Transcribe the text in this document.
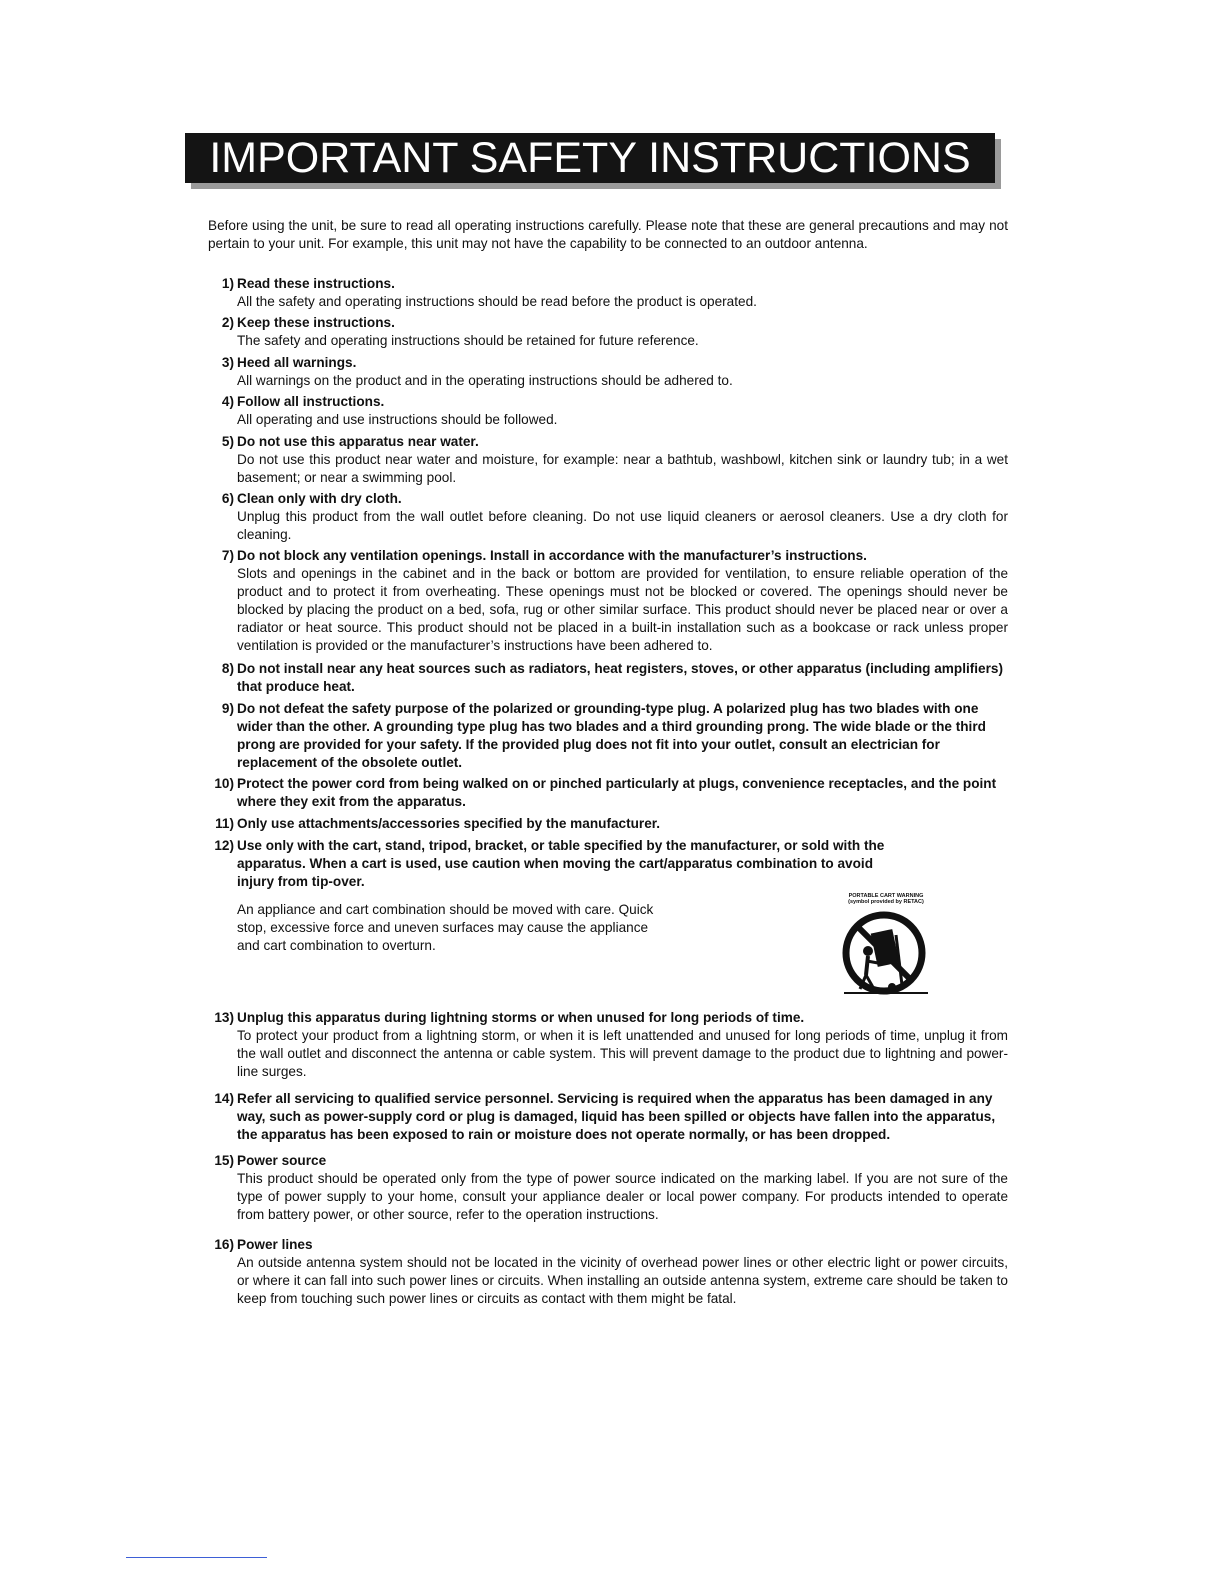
IMPORTANT SAFETY INSTRUCTIONS
Before using the unit, be sure to read all operating instructions carefully. Please note that these are general precautions and may not pertain to your unit. For example, this unit may not have the capability to be connected to an outdoor antenna.
1) Read these instructions.
All the safety and operating instructions should be read before the product is operated.
2) Keep these instructions.
The safety and operating instructions should be retained for future reference.
3) Heed all warnings.
All warnings on the product and in the operating instructions should be adhered to.
4) Follow all instructions.
All operating and use instructions should be followed.
5) Do not use this apparatus near water.
Do not use this product near water and moisture, for example: near a bathtub, washbowl, kitchen sink or laundry tub; in a wet basement; or near a swimming pool.
6) Clean only with dry cloth.
Unplug this product from the wall outlet before cleaning. Do not use liquid cleaners or aerosol cleaners. Use a dry cloth for cleaning.
7) Do not block any ventilation openings. Install in accordance with the manufacturer’s instructions.
Slots and openings in the cabinet and in the back or bottom are provided for ventilation, to ensure reliable operation of the product and to protect it from overheating. These openings must not be blocked or covered. The openings should never be blocked by placing the product on a bed, sofa, rug or other similar surface. This product should never be placed near or over a radiator or heat source. This product should not be placed in a built-in installation such as a bookcase or rack unless proper ventilation is provided or the manufacturer’s instructions have been adhered to.
8) Do not install near any heat sources such as radiators, heat registers, stoves, or other apparatus (including amplifiers) that produce heat.
9) Do not defeat the safety purpose of the polarized or grounding-type plug. A polarized plug has two blades with one wider than the other. A grounding type plug has two blades and a third grounding prong. The wide blade or the third prong are provided for your safety. If the provided plug does not fit into your outlet, consult an electrician for replacement of the obsolete outlet.
10) Protect the power cord from being walked on or pinched particularly at plugs, convenience receptacles, and the point where they exit from the apparatus.
11) Only use attachments/accessories specified by the manufacturer.
12) Use only with the cart, stand, tripod, bracket, or table specified by the manufacturer, or sold with the apparatus. When a cart is used, use caution when moving the cart/apparatus combination to avoid injury from tip-over.
An appliance and cart combination should be moved with care. Quick stop, excessive force and uneven surfaces may cause the appliance and cart combination to overturn.
PORTABLE CART WARNING
(symbol provided by RETAC)
13) Unplug this apparatus during lightning storms or when unused for long periods of time.
To protect your product from a lightning storm, or when it is left unattended and unused for long periods of time, unplug it from the wall outlet and disconnect the antenna or cable system. This will prevent damage to the product due to lightning and power-line surges.
14) Refer all servicing to qualified service personnel. Servicing is required when the apparatus has been damaged in any way, such as power-supply cord or plug is damaged, liquid has been spilled or objects have fallen into the apparatus, the apparatus has been exposed to rain or moisture does not operate normally, or has been dropped.
15) Power source
This product should be operated only from the type of power source indicated on the marking label. If you are not sure of the type of power supply to your home, consult your appliance dealer or local power company. For products intended to operate from battery power, or other source, refer to the operation instructions.
16) Power lines
An outside antenna system should not be located in the vicinity of overhead power lines or other electric light or power circuits, or where it can fall into such power lines or circuits. When installing an outside antenna system, extreme care should be taken to keep from touching such power lines or circuits as contact with them might be fatal.
